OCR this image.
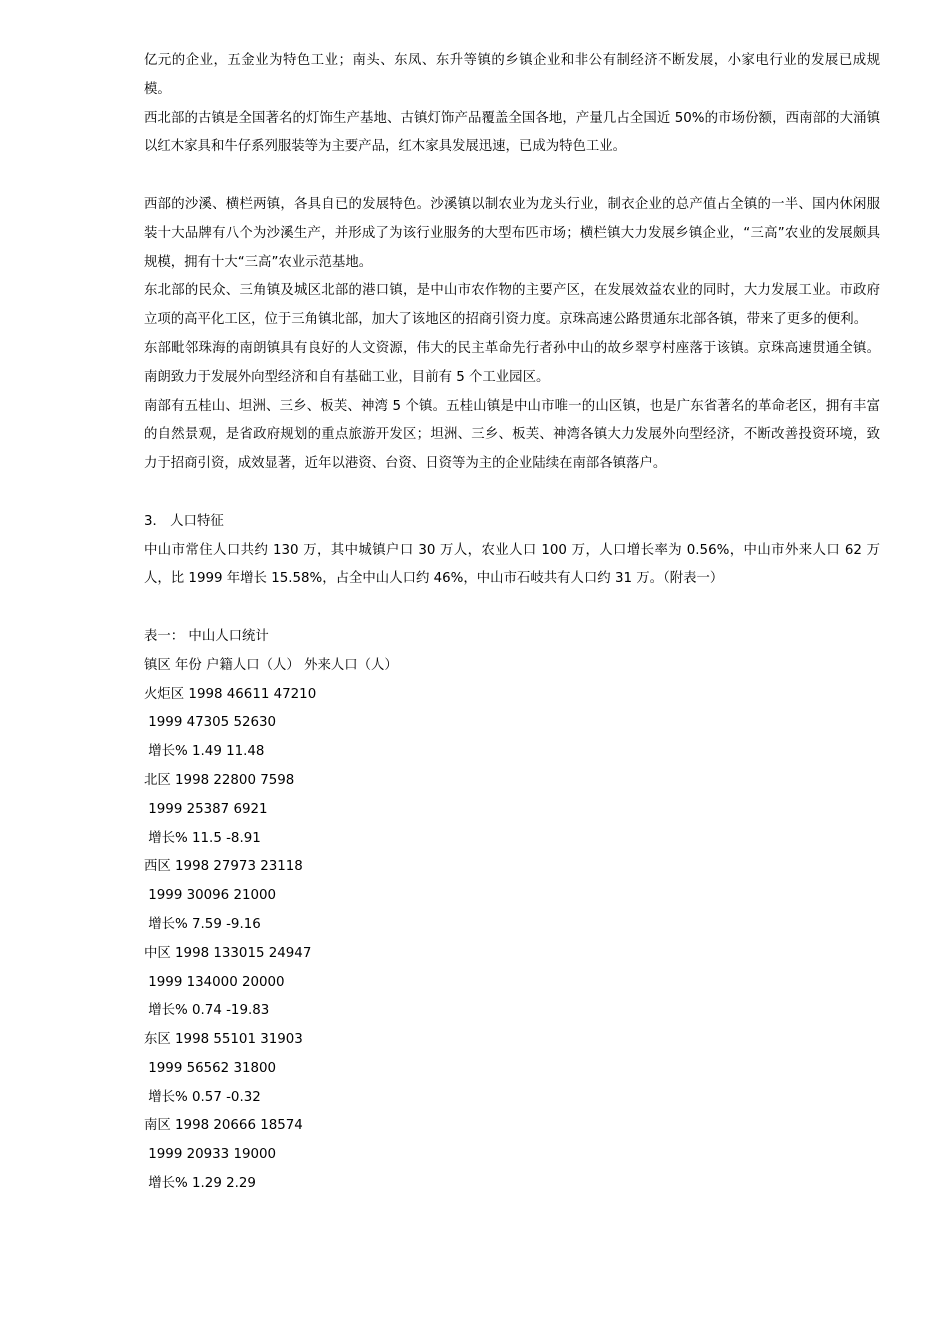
亿元的企业，五金业为特色工业；南头、东凤、东升等镇的乡镇企业和非公有制经济不断发展，小家电行业的发展已成规模。

西北部的古镇是全国著名的灯饰生产基地、古镇灯饰产品覆盖全国各地，产量几占全国近 50%的市场份额，西南部的大涌镇以红木家具和牛仔系列服装等为主要产品，红木家具发展迅速，已成为特色工业。

西部的沙溪、横栏两镇，各具自已的发展特色。沙溪镇以制农业为龙头行业，制衣企业的总产值占全镇的一半、国内休闲服装十大品牌有八个为沙溪生产，并形成了为该行业服务的大型布匹市场；横栏镇大力发展乡镇企业，“三高”农业的发展颇具规模，拥有十大“三高”农业示范基地。

东北部的民众、三角镇及城区北部的港口镇，是中山市农作物的主要产区，在发展效益农业的同时，大力发展工业。市政府立项的高平化工区，位于三角镇北部，加大了该地区的招商引资力度。京珠高速公路贯通东北部各镇，带来了更多的便利。

东部毗邻珠海的南朗镇具有良好的人文资源，伟大的民主革命先行者孙中山的故乡翠亨村座落于该镇。京珠高速贯通全镇。南朗致力于发展外向型经济和自有基础工业，目前有 5 个工业园区。

南部有五桂山、坦洲、三乡、板芙、神湾 5 个镇。五桂山镇是中山市唯一的山区镇，也是广东省著名的革命老区，拥有丰富的自然景观，是省政府规划的重点旅游开发区；坦洲、三乡、板芙、神湾各镇大力发展外向型经济，不断改善投资环境，致力于招商引资，成效显著，近年以港资、台资、日资等为主的企业陆续在南部各镇落户。

3． 人口特征

中山市常住人口共约 130 万，其中城镇户口 30 万人，农业人口 100 万，人口增长率为 0.56%，中山市外来人口 62 万人，比 1999 年增长 15.58%，占全中山人口约 46%，中山市石岐共有人口约 31 万。（附表一）

表一： 中山人口统计

镇区 年份 户籍人口（人） 外来人口（人）

火炬区 1998 46611 47210

1999 47305 52630

增长% 1.49 11.48

北区 1998 22800 7598

1999 25387 6921

增长% 11.5 -8.91

西区 1998 27973 23118

1999 30096 21000

增长% 7.59 -9.16

中区 1998 133015 24947

1999 134000 20000

增长% 0.74 -19.83

东区 1998 55101 31903

1999 56562 31800

增长% 0.57 -0.32

南区 1998 20666 18574

1999 20933 19000

增长% 1.29 2.29
